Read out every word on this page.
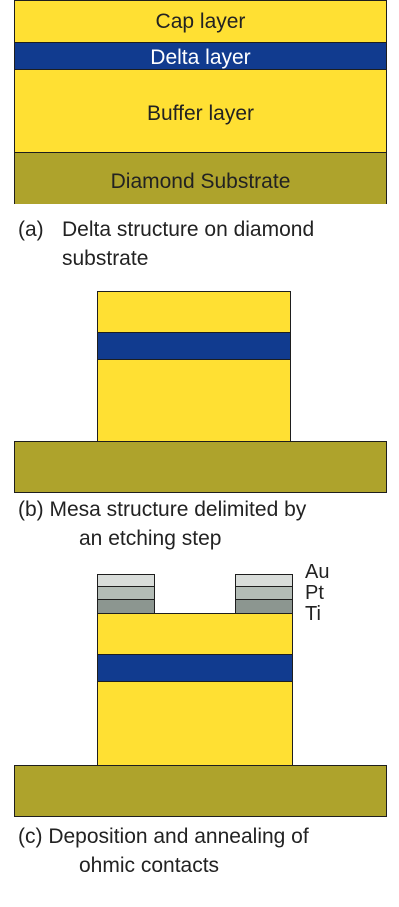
Cap layer
Delta layer
Buffer layer
Diamond Substrate
(a) Delta structure on diamond
substrate
(b) Mesa structure delimited by
an etching step
Au
Pt
Ti
(c) Deposition and annealing of
ohmic contacts
